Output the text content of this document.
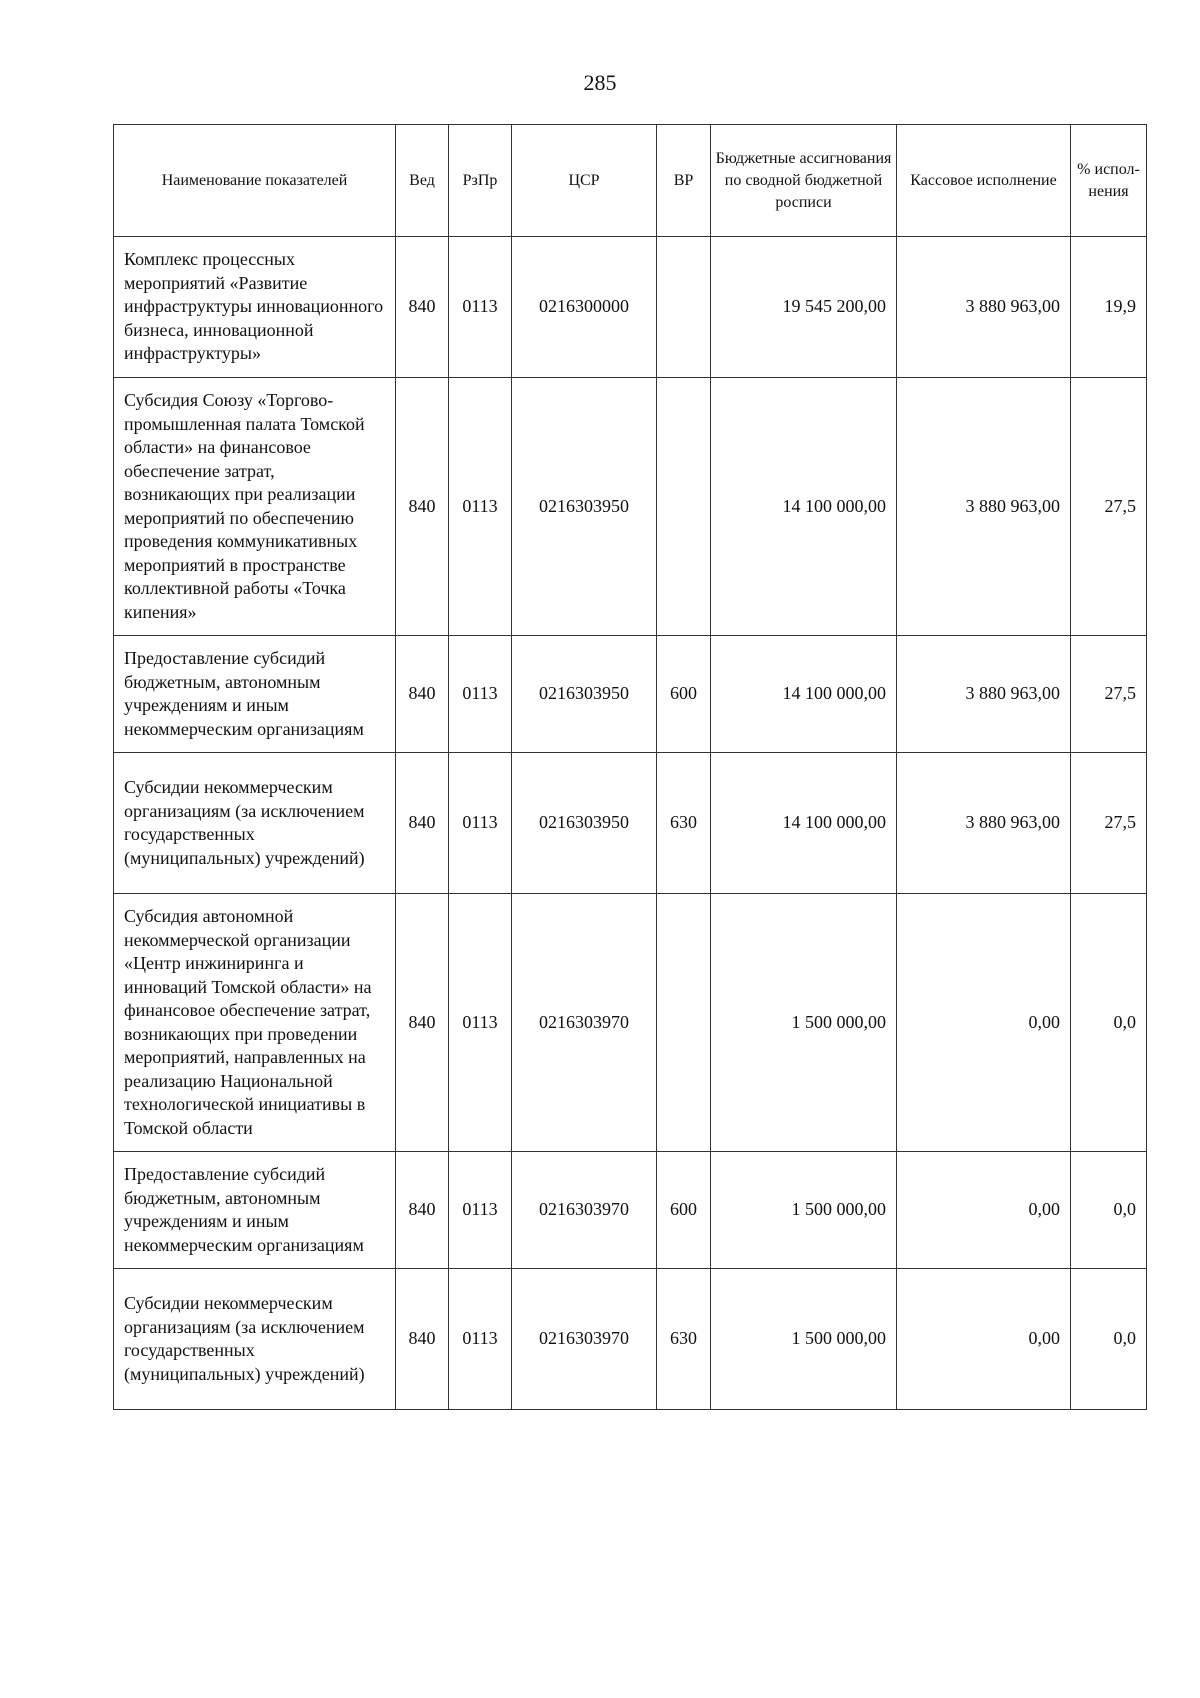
285
Наименование показателей	Вед	РзПр	ЦСР	ВР	Бюджетные ассигнования по сводной бюджетной росписи	Кассовое исполнение	% испол-нения
Комплекс процессных мероприятий «Развитие инфраструктуры инновационного бизнеса, инновационной инфраструктуры»	840	0113	0216300000		19 545 200,00	3 880 963,00	19,9
Субсидия Союзу «Торгово-промышленная палата Томской области» на финансовое обеспечение затрат, возникающих при реализации мероприятий по обеспечению проведения коммуникативных мероприятий в пространстве коллективной работы «Точка кипения»	840	0113	0216303950		14 100 000,00	3 880 963,00	27,5
Предоставление субсидий бюджетным, автономным учреждениям и иным некоммерческим организациям	840	0113	0216303950	600	14 100 000,00	3 880 963,00	27,5
Субсидии некоммерческим организациям (за исключением государственных (муниципальных) учреждений)	840	0113	0216303950	630	14 100 000,00	3 880 963,00	27,5
Субсидия автономной некоммерческой организации «Центр инжиниринга и инноваций Томской области» на финансовое обеспечение затрат, возникающих при проведении мероприятий, направленных на реализацию Национальной технологической инициативы в Томской области	840	0113	0216303970		1 500 000,00	0,00	0,0
Предоставление субсидий бюджетным, автономным учреждениям и иным некоммерческим организациям	840	0113	0216303970	600	1 500 000,00	0,00	0,0
Субсидии некоммерческим организациям (за исключением государственных (муниципальных) учреждений)	840	0113	0216303970	630	1 500 000,00	0,00	0,0
